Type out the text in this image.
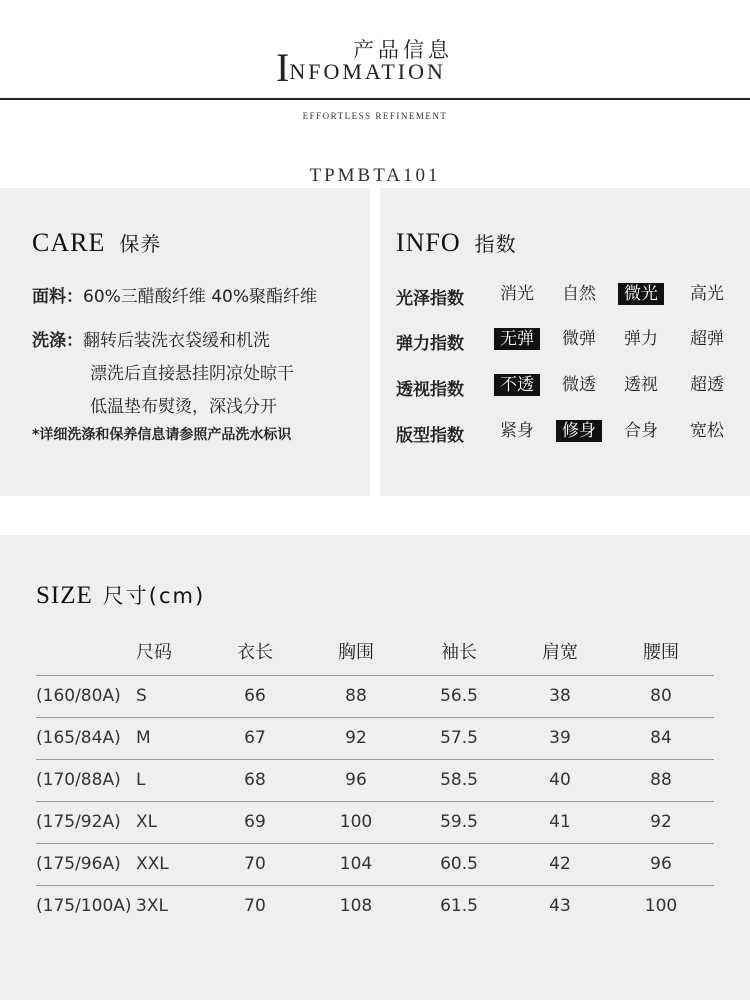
产品信息
INFOMATION
EFFORTLESS REFINEMENT
TPMBTA101
CARE 保养
面料：60%三醋酸纤维 40%聚酯纤维
洗涤：翻转后装洗衣袋缓和机洗
漂洗后直接悬挂阴凉处晾干
低温垫布熨烫，深浅分开
*详细洗涤和保养信息请参照产品洗水标识
INFO 指数
光泽指数	消光	自然	微光	高光
弹力指数	无弹	微弹	弹力	超弹
透视指数	不透	微透	透视	超透
版型指数	紧身	修身	合身	宽松
SIZE 尺寸(cm)
尺码	衣长	胸围	袖长	肩宽	腰围
(160/80A) S	66	88	56.5	38	80
(165/84A) M	67	92	57.5	39	84
(170/88A) L	68	96	58.5	40	88
(175/92A) XL	69	100	59.5	41	92
(175/96A) XXL	70	104	60.5	42	96
(175/100A) 3XL	70	108	61.5	43	100
